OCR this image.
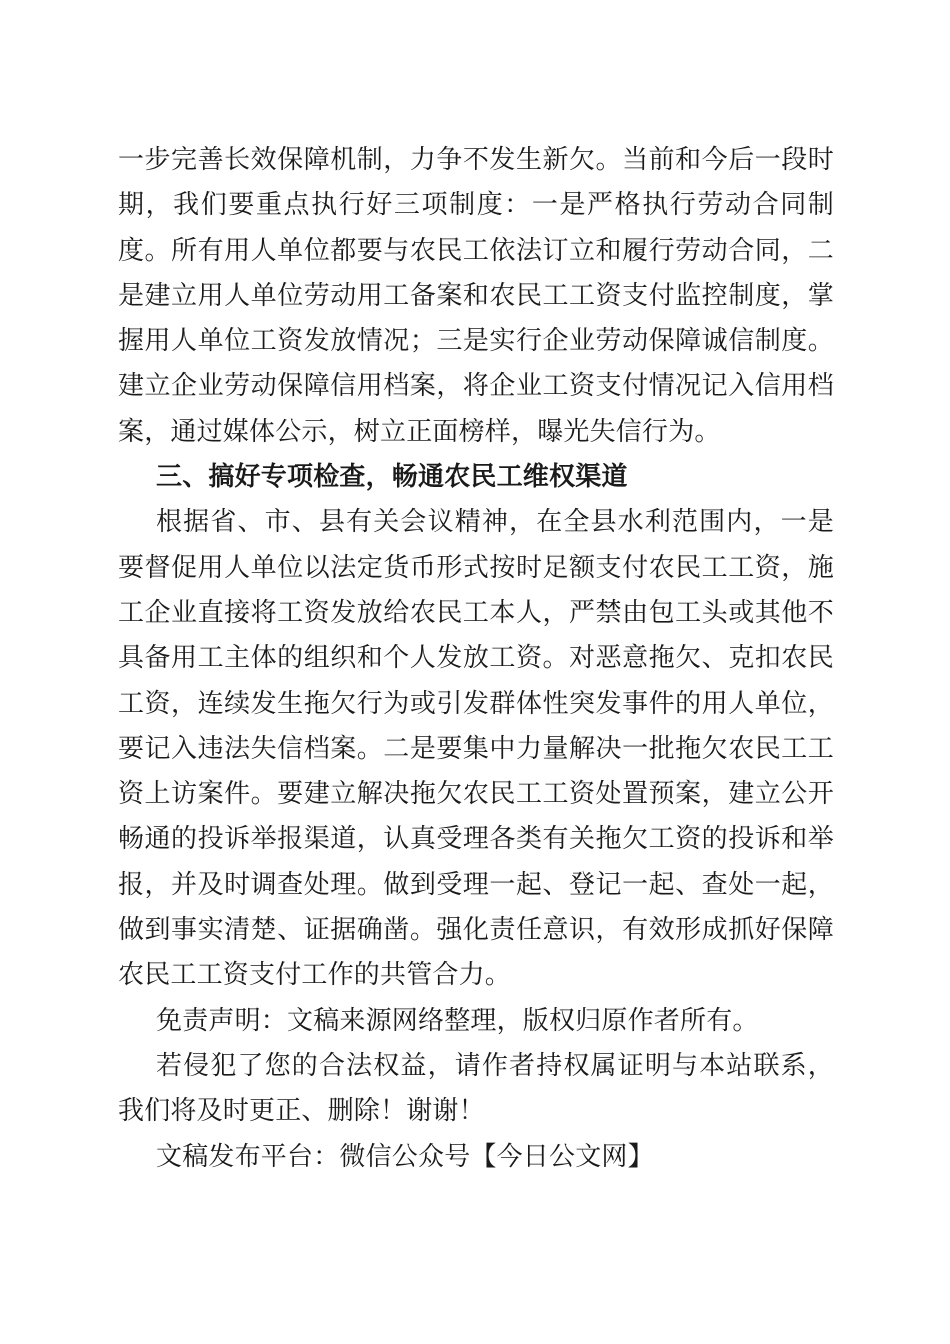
一步完善长效保障机制，力争不发生新欠。当前和今后一段时期，我们要重点执行好三项制度：一是严格执行劳动合同制度。所有用人单位都要与农民工依法订立和履行劳动合同，二是建立用人单位劳动用工备案和农民工工资支付监控制度，掌握用人单位工资发放情况；三是实行企业劳动保障诚信制度。建立企业劳动保障信用档案，将企业工资支付情况记入信用档案，通过媒体公示，树立正面榜样，曝光失信行为。

三、搞好专项检查，畅通农民工维权渠道

根据省、市、县有关会议精神，在全县水利范围内，一是要督促用人单位以法定货币形式按时足额支付农民工工资，施工企业直接将工资发放给农民工本人，严禁由包工头或其他不具备用工主体的组织和个人发放工资。对恶意拖欠、克扣农民工资，连续发生拖欠行为或引发群体性突发事件的用人单位，要记入违法失信档案。二是要集中力量解决一批拖欠农民工工资上访案件。要建立解决拖欠农民工工资处置预案，建立公开畅通的投诉举报渠道，认真受理各类有关拖欠工资的投诉和举报，并及时调查处理。做到受理一起、登记一起、查处一起，做到事实清楚、证据确凿。强化责任意识，有效形成抓好保障农民工工资支付工作的共管合力。

免责声明：文稿来源网络整理，版权归原作者所有。

若侵犯了您的合法权益，请作者持权属证明与本站联系，我们将及时更正、删除！谢谢！

文稿发布平台：微信公众号【今日公文网】
